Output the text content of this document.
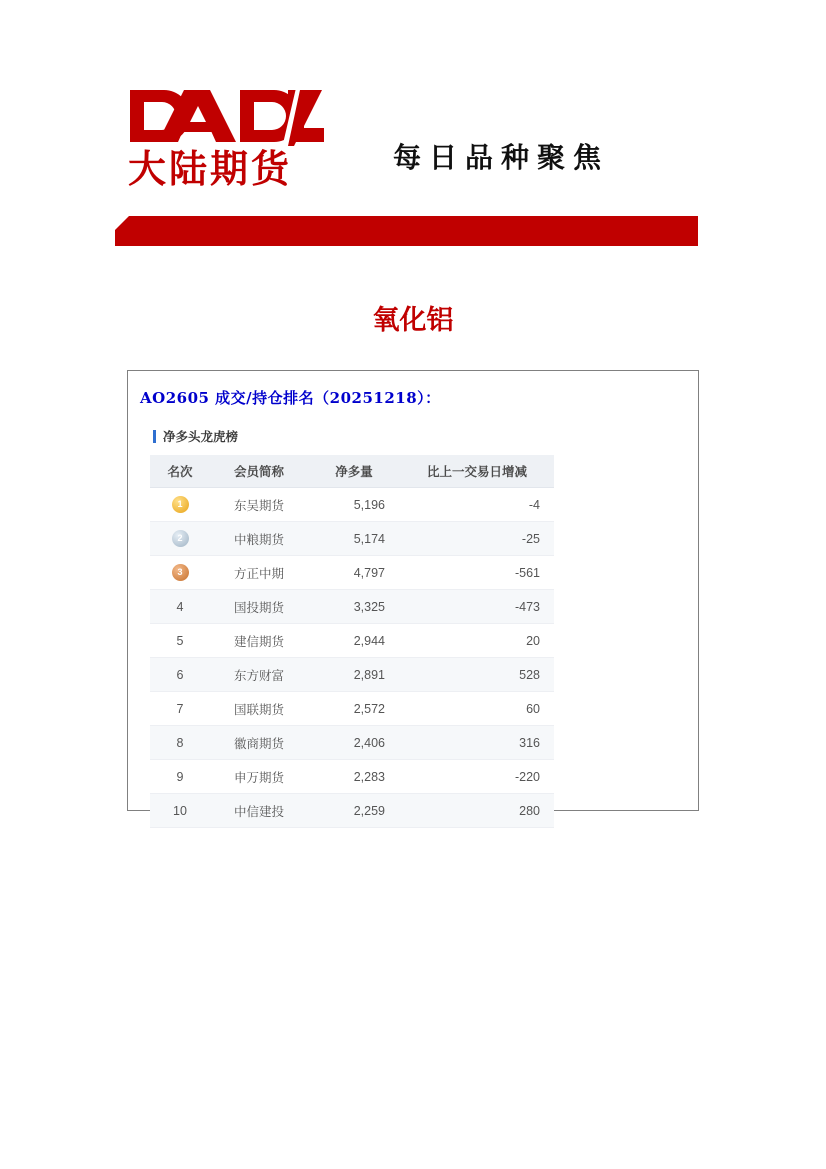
大陆期货	每日品种聚焦
氧化铝
AO2605 成交/持仓排名（20251218）：
净多头龙虎榜
名次	会员简称	净多量	比上一交易日增减
1	东吴期货	5,196	-4
2	中粮期货	5,174	-25
3	方正中期	4,797	-561
4	国投期货	3,325	-473
5	建信期货	2,944	20
6	东方财富	2,891	528
7	国联期货	2,572	60
8	徽商期货	2,406	316
9	申万期货	2,283	-220
10	中信建投	2,259	280
